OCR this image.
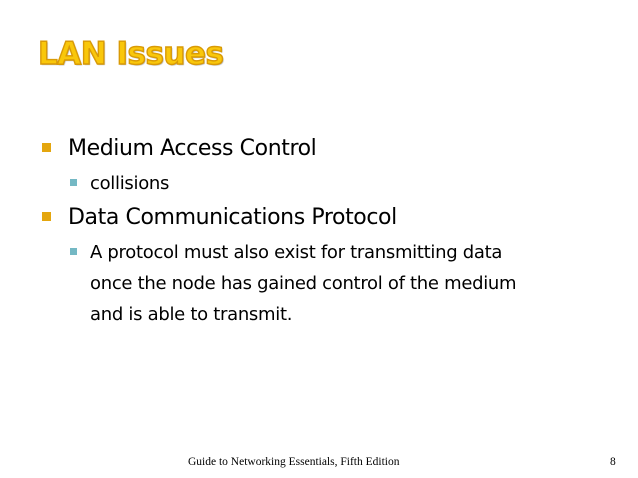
LAN Issues
Medium Access Control
collisions
Data Communications Protocol
A protocol must also exist for transmitting data
once the node has gained control of the medium
and is able to transmit.
Guide to Networking Essentials, Fifth Edition	8
